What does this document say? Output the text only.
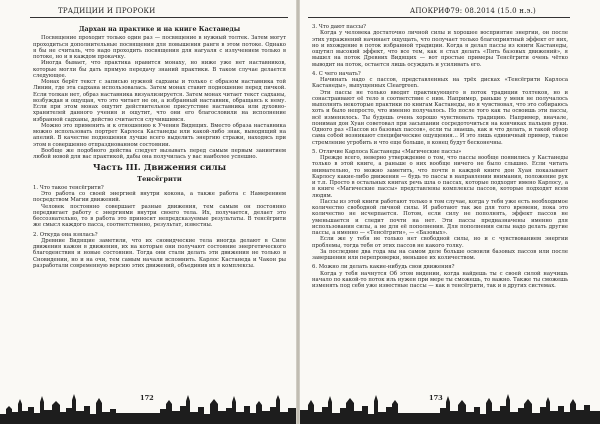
ТРАДИЦИИ И ПРОРОКИ
Дархан на практике и на книге Кастанеды

Посвящение проходит только один раз — посвящение в нужный толтек. Затем могут проходиться дополнительные посвящения для повышения рангя в этом потоке. Однако я бы не считаль, что надо проходить посвящения для нагуаля с излучением только в потоке, но и в каждом прокачку.

Иногда бывает, что практика нравится монаху, но ниже уже нет наставников, которые могли бы дать прямую передачу знаний практики. В таком случае делается следующее.

Монах берёт текст с записью нужной садханы и только с образом наставника той Линии, где эта садхана использовалась. Затем монах ставит подношение перед пичкой. Если толкан нет, образ наставника визуализируется. Затем монах читает текст садханы, возбуждая и ощущая, что это читает не он, а избранный наставник, обращаясь к нему. Если при этом монах ощутит действительное присутствие наставника или духовно-хранителей данного учения и ощутит, что они его благословили на исполнение избранной садханы, действо считается случившимся.

Можно это применить и к отношению к Учения Видящих. Вместо образа наставника можно использовать портрет Карлоса Кастанеды или какой-либо знак, выводящий на апелий. В качестве подношения лучше всего выделить энергию стражи, находясь при этом в совершенно отпразднованном состоянии.

Вообще же подобного действа следует вызывать перед самым первым заниятием любой новой для вас практикой, дабы она получилась у вас наиболее успешно.

Часть III. Движения силы
Тенсёгрити

1. Что такое тенсёгрити?

Это работа со своей энергией внутри кокона, а также работа с Намерением посредством Магии движений.

Человек постоянно совершает разные движения, тем самым он постоянно передвигает работу с энергиями внутри своего тела. Их, получается, делает это бессознательно, то в работа это приносит непредсказуемые результаты. В тенсёгрити же смысл каждого пасса, соответственно, результат, известны.

2. Откуда она взялась?

Древние Видящие заметили, что их сновидческие тела иногда делают в Силе движения кажон в движения, их на которые они получают состояние энергетического благоденствия и новые состояния. Тогда они стали делать эти движения не только в Сновидении, но и на очи, тем самым начали вспомнить. Карлос Кастанеда и Чакон ры разработали современную версию этих движений, объединив их в комплексы.

172
АПОКРИФ79: 08.2014 (15.0 н.э.)

3. Что дают пассы?

Когда у человека достаточно личной силы и хорошее восприятие энергии, он после этих упражнений начинает ощущать, что получает только благоприятный эффект от них, но и вхождение в поток избранной традиции. Когда я делал пассы из книги Кастанеды, ощутил высокий эффект, что все тем, как я стал делать «Пять базовых движений», я вышел на поток Древних Видящих — вот простые примеры Тенсёгрити очень чётко выводит на поток, остается лишь осуждать и усиливать его.

4. С чего начать?

Начинать надо с пассов, представленных на трёх дисках «Тенсёгрити Карлоса Кастанеды», выпущенных Cleargreen.

Эти пассы не только вводят практикующего в поток традиции толтеков, но и сонастраивают её тело в соответствие с ним. Например, раньше у меня не получалось выполнять некоторые практики по книгам Кастанеды, но я чувствовал, что это собираюсь хоть и было непросто, что именно получалось. Но после того как ты освоишь эти пассы, всё изменилось. Ты будешь очень хорошо чувствовать традицию. Например, вначале, понимая дон Хуан советовал при засыпании сосредоточиться на кончиках пальцев руки. Одного раз «Пассов из базовых пассов», если ты знаешь, как и что делать, и такой обзор сама собой возникают специфические ощущения… И это лишь единичный пример, такое стремление угробить и что еще больше, в конец будут бесконечны.

5. Отличие Карлоса Кастанеды «Магические пассы»

Прежде всего, неверно утверждение о том, что пассы вообще появились у Кастанеды только в этой книге, а раньше о них вообще ничего не было слышно. Если читать внимательно, то можно заметить, что почти в каждой книге дон Хуан показывает Карлосу какие-либо движения — будь то пассы в направлении внимания, положение рук и т.п. Просто в остальных книгах речь шла о пассах, которые подходят имено Карлосу, а в книге «Магические пассы» представлены комплексы пассов, которые подходят всем людям.

Пассы из этой книги работают только в том случае, когда у тебя уже есть необходимое количество свободной личной силы. И работают так же для того времени, пока это количество не исчерпается. Потом, если силу не пополнять, эффект пассов не уменьшается и следит почти на нет. Эти пассы предназначены именно для использования силы, а не для её пополнения. Для пополнения силы надо делать другие пассы, а именно — «Тенсёгрити», — «Базовых».

Если же у тебя не только нет свободной силы, но и с чувствованием энергии проблемы, тогда тебя от этих пассов не какого толку.

За последние два года мы на самом деле больше освоили базовых пассов или после завершения или перепроверки, меньшее их количеством.

6. Можно ли делать какие-нибудь свои движения?

Когда у тебя начнутся Об этом видении, когда найдешь ты с своей силой научишь начало по какой-то поток иль нужен при мере ты сможешь, то важно. Также ты сможешь изменять под себя уже известные пассы — как в тенсёгрити, так и в других системах.

173
